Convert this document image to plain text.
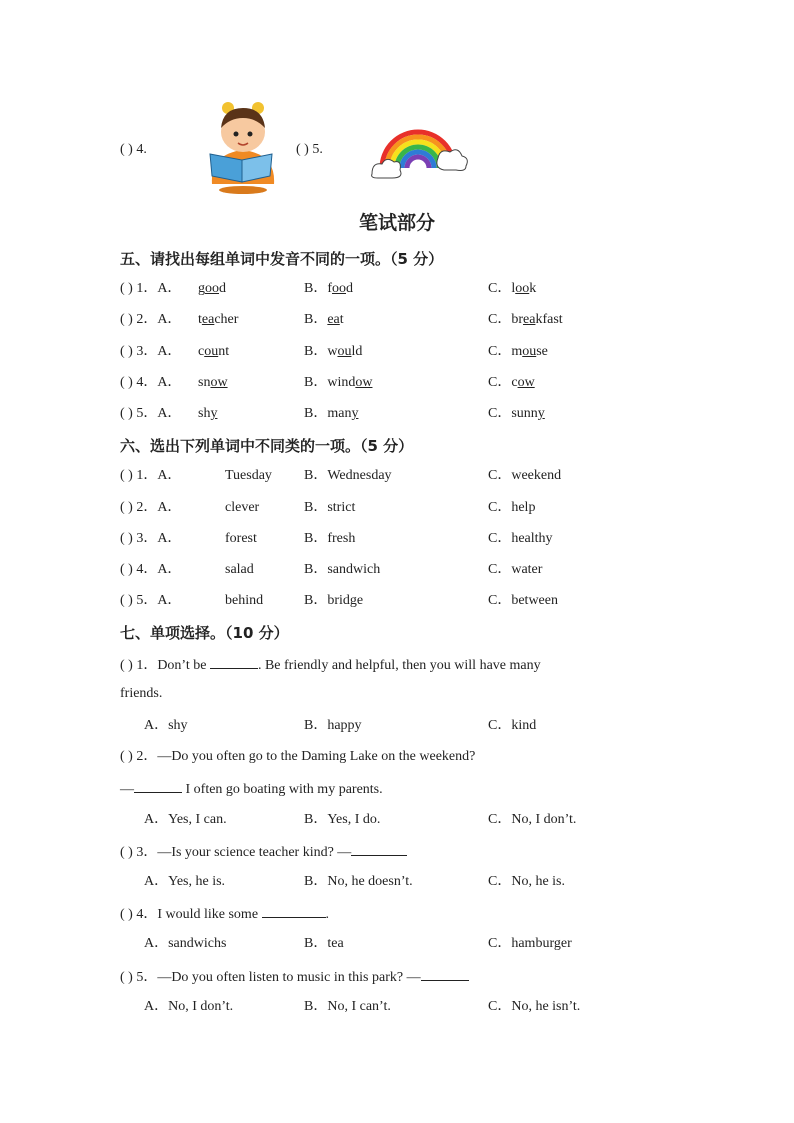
( ) 4.	( ) 5.
笔试部分
五、请找出每组单词中发音不同的一项。（5 分）
( ) 1．A． good	B．food	C．look
( ) 2．A． teacher	B．eat	C．breakfast
( ) 3．A． count	B．would	C．mouse
( ) 4．A． snow	B．window	C．cow
( ) 5．A． shy	B．many	C．sunny
六、选出下列单词中不同类的一项。（5 分）
( ) 1．A．	Tuesday B．Wednesday	C．weekend
( ) 2．A．	clever	B．strict	C．help
( ) 3．A．	forest	B．fresh	C．healthy
( ) 4．A．	salad	B．sandwich	C．water
( ) 5．A．	behind	B．bridge	C．between
七、单项选择。（10 分）
( ) 1．Don’t be	. Be friendly and helpful, then you will have many
friends.
A．shy	B．happy	C．kind
( ) 2．—Do you often go to the Daming Lake on the weekend?
—	I often go boating with my parents.
A．Yes, I can.	B．Yes, I do.	C．No, I don’t.
( ) 3．—Is your science teacher kind? —
A．Yes, he is.	B．No, he doesn’t.	C．No, he is.
( ) 4．I would like some	.
A．sandwichs	B．tea	C．hamburger
( ) 5．—Do you often listen to music in this park? —
A．No, I don’t.	B．No, I can’t.	C．No, he isn’t.
